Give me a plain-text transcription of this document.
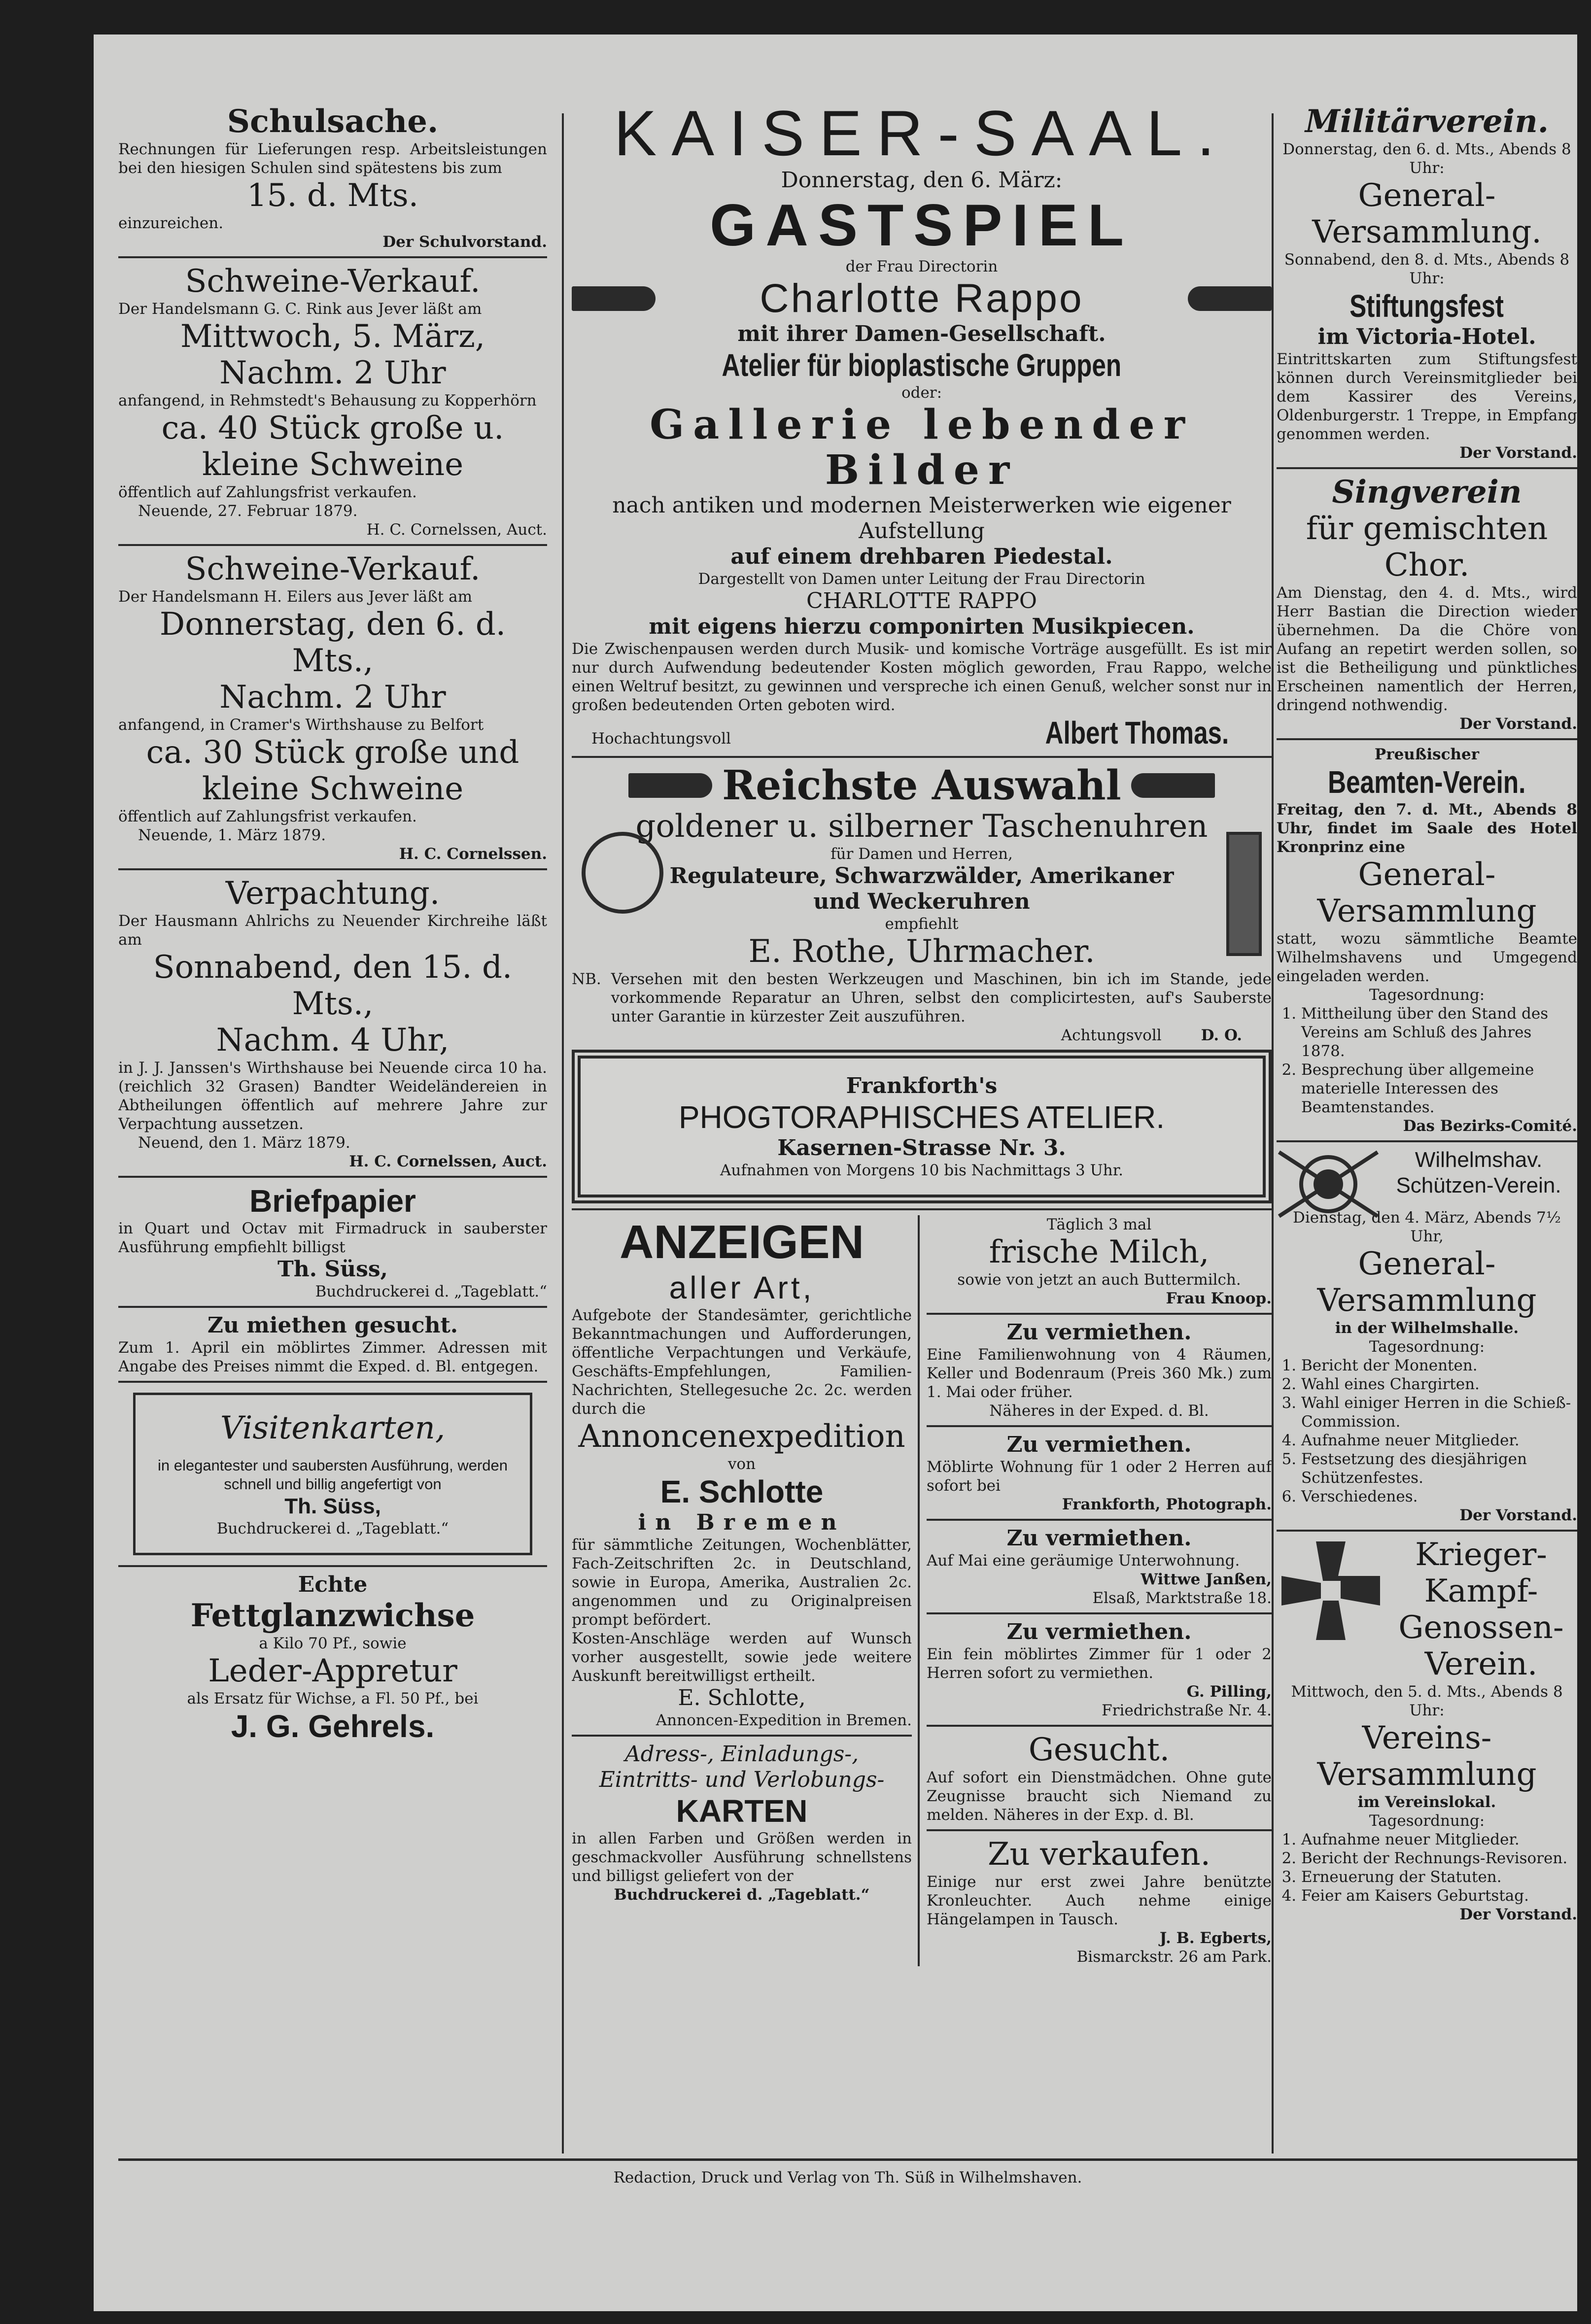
Schulsache.

Rechnungen für Lieferungen resp. Arbeitsleistungen bei den hiesigen Schulen sind spätestens bis zum

15. d. Mts.

einzureichen.

Der Schulvorstand.

Schweine-Verkauf.

Der Handelsmann G. C. Rink aus Jever läßt am

Mittwoch, 5. März,

Nachm. 2 Uhr

anfangend, in Rehmstedt's Behausung zu Kopperhörn

ca. 40 Stück große u. kleine Schweine

öffentlich auf Zahlungsfrist verkaufen.

Neuende, 27. Februar 1879.

H. C. Cornelssen, Auct.

Schweine-Verkauf.

Der Handelsmann H. Eilers aus Jever läßt am

Donnerstag, den 6. d. Mts.,

Nachm. 2 Uhr

anfangend, in Cramer's Wirthshause zu Belfort

ca. 30 Stück große und kleine Schweine

öffentlich auf Zahlungsfrist verkaufen.

Neuende, 1. März 1879.

H. C. Cornelssen.

Verpachtung.

Der Hausmann Ahlrichs zu Neuender Kirchreihe läßt am

Sonnabend, den 15. d. Mts.,

Nachm. 4 Uhr,

in J. J. Janssen's Wirthshause bei Neuende circa 10 ha. (reichlich 32 Grasen) Bandter Weideländereien in Abtheilungen öffentlich auf mehrere Jahre zur Verpachtung aussetzen.

Neuend, den 1. März 1879.

H. C. Cornelssen, Auct.

Briefpapier

in Quart und Octav mit Firmadruck in sauberster Ausführung empfiehlt billigst

Th. Süss,

Buchdruckerei d. „Tageblatt.“

Zu miethen gesucht.

Zum 1. April ein möblirtes Zimmer. Adressen mit Angabe des Preises nimmt die Exped. d. Bl. entgegen.

Visitenkarten,

in elegantester und saubersten Ausführung, werden schnell und billig angefertigt von

Th. Süss,

Buchdruckerei d. „Tageblatt.“

Echte

Fettglanzwichse

a Kilo 70 Pf., sowie

Leder-Appretur

als Ersatz für Wichse, a Fl. 50 Pf., bei

J. G. Gehrels.

KAISER-SAAL.

Donnerstag, den 6. März:

GASTSPIEL

der Frau Directorin

Charlotte Rappo

mit ihrer Damen-Gesellschaft.

Atelier für bioplastische Gruppen

oder:

Gallerie lebender Bilder

nach antiken und modernen Meisterwerken wie eigener Aufstellung

auf einem drehbaren Piedestal.

Dargestellt von Damen unter Leitung der Frau Directorin

CHARLOTTE RAPPO

mit eigens hierzu componirten Musikpiecen.

Die Zwischenpausen werden durch Musik- und komische Vorträge ausgefüllt. Es ist mir nur durch Aufwendung bedeutender Kosten möglich geworden, Frau Rappo, welche einen Weltruf besitzt, zu gewinnen und verspreche ich einen Genuß, welcher sonst nur in großen bedeutenden Orten geboten wird.

Hochachtungsvoll	Albert Thomas.
Reichste Auswahl

goldener u. silberner Taschenuhren

für Damen und Herren,

Regulateure, Schwarzwälder, Amerikaner

und Weckeruhren

empfiehlt

E. Rothe, Uhrmacher.

NB. Versehen mit den besten Werkzeugen und Maschinen, bin ich im Stande, jede vorkommende Reparatur an Uhren, selbst den complicirtesten, auf's Sauberste unter Garantie in kürzester Zeit auszuführen.
Achtungsvoll	D. O.

Frankforth's

PHOGTORAPHISCHES ATELIER.

Kasernen-Strasse Nr. 3.

Aufnahmen von Morgens 10 bis Nachmittags 3 Uhr.

ANZEIGEN

aller Art,

Aufgebote der Standesämter, gerichtliche Bekanntmachungen und Aufforderungen, öffentliche Verpachtungen und Verkäufe, Geschäfts-Empfehlungen, Familien-Nachrichten, Stellegesuche 2c. 2c. werden durch die

Annoncenexpedition

von

E. Schlotte

in Bremen

für sämmtliche Zeitungen, Wochenblätter, Fach-Zeitschriften 2c. in Deutschland, sowie in Europa, Amerika, Australien 2c. angenommen und zu Originalpreisen prompt befördert.

Kosten-Anschläge werden auf Wunsch vorher ausgestellt, sowie jede weitere Auskunft bereitwilligst ertheilt.

E. Schlotte,

Annoncen-Expedition in Bremen.

Adress-, Einladungs-,

Eintritts- und Verlobungs-

KARTEN

in allen Farben und Größen werden in geschmackvoller Ausführung schnellstens und billigst geliefert von der

Buchdruckerei d. „Tageblatt.“

Täglich 3 mal

frische Milch,

sowie von jetzt an auch Buttermilch.

Frau Knoop.

Zu vermiethen.

Eine Familienwohnung von 4 Räumen, Keller und Bodenraum (Preis 360 Mk.) zum 1. Mai oder früher.

Näheres in der Exped. d. Bl.

Zu vermiethen.

Möblirte Wohnung für 1 oder 2 Herren auf sofort bei

Frankforth, Photograph.

Zu vermiethen.

Auf Mai eine geräumige Unterwohnung.

Wittwe Janßen,

Elsaß, Marktstraße 18.

Zu vermiethen.

Ein fein möblirtes Zimmer für 1 oder 2 Herren sofort zu vermiethen.

G. Pilling,

Friedrichstraße Nr. 4.

Gesucht.

Auf sofort ein Dienstmädchen. Ohne gute Zeugnisse braucht sich Niemand zu melden. Näheres in der Exp. d. Bl.

Zu verkaufen.

Einige nur erst zwei Jahre benützte Kronleuchter. Auch nehme einige Hängelampen in Tausch.

J. B. Egberts,

Bismarckstr. 26 am Park.

Militärverein.

Donnerstag, den 6. d. Mts., Abends 8 Uhr:

General-Versammlung.

Sonnabend, den 8. d. Mts., Abends 8 Uhr:

Stiftungsfest

im Victoria-Hotel.

Eintrittskarten zum Stiftungsfest können durch Vereinsmitglieder bei dem Kassirer des Vereins, Oldenburgerstr. 1 Treppe, in Empfang genommen werden.

Der Vorstand.

Singverein

für gemischten Chor.

Am Dienstag, den 4. d. Mts., wird Herr Bastian die Direction wieder übernehmen. Da die Chöre von Aufang an repetirt werden sollen, so ist die Betheiligung und pünktliches Erscheinen namentlich der Herren, dringend nothwendig.

Der Vorstand.

Preußischer

Beamten-Verein.

Freitag, den 7. d. Mt., Abends 8 Uhr, findet im Saale des Hotel Kronprinz eine

General-Versammlung

statt, wozu sämmtliche Beamte Wilhelmshavens und Umgegend eingeladen werden.

Tagesordnung:

1. Mittheilung über den Stand des Vereins am Schluß des Jahres 1878.
2. Besprechung über allgemeine materielle Interessen des Beamtenstandes.

Das Bezirks-Comité.

Wilhelmshav.

Schützen-Verein.

Dienstag, den 4. März, Abends 7½ Uhr,

General-Versammlung

in der Wilhelmshalle.

Tagesordnung:

1. Bericht der Monenten.
2. Wahl eines Chargirten.
3. Wahl einiger Herren in die Schieß-Commission.
4. Aufnahme neuer Mitglieder.
5. Festsetzung des diesjährigen Schützenfestes.
6. Verschiedenes.

Der Vorstand.

Krieger-Kampf-Genossen-Verein.

Mittwoch, den 5. d. Mts., Abends 8 Uhr:

Vereins-Versammlung

im Vereinslokal.

Tagesordnung:

1. Aufnahme neuer Mitglieder.
2. Bericht der Rechnungs-Revisoren.
3. Erneuerung der Statuten.
4. Feier am Kaisers Geburtstag.

Der Vorstand.

Redaction, Druck und Verlag von Th. Süß in Wilhelmshaven.
